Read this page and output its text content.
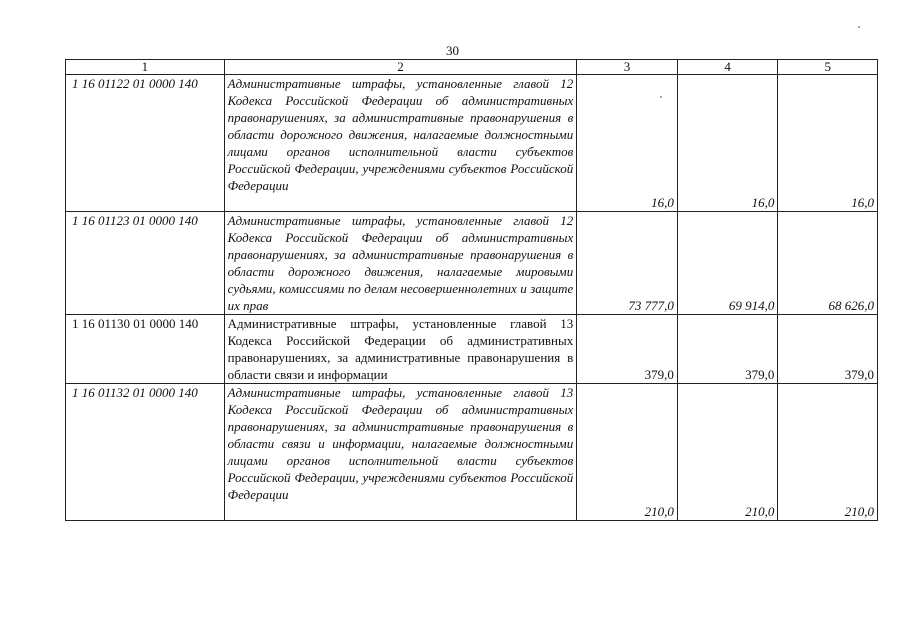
30
1	2	3	4	5
1 16 01122 01 0000 140	Административные штрафы, установленные главой 12 Кодекса Российской Федерации об административных правонарушениях, за административные правонарушения в области дорожного движения, налагаемые должностными лицами органов исполнительной власти субъектов Российской Федерации, учреждениями субъектов Российской Федерации	16,0	16,0	16,0
1 16 01123 01 0000 140	Административные штрафы, установленные главой 12 Кодекса Российской Федерации об административных правонарушениях, за административные правонарушения в области дорожного движения, налагаемые мировыми судьями, комиссиями по делам несовершеннолетних и защите их прав	73 777,0	69 914,0	68 626,0
1 16 01130 01 0000 140	Административные штрафы, установленные главой 13 Кодекса Российской Федерации об административных правонарушениях, за административные правонарушения в области связи и информации	379,0	379,0	379,0
1 16 01132 01 0000 140	Административные штрафы, установленные главой 13 Кодекса Российской Федерации об административных правонарушениях, за административные правонарушения в области связи и информации, налагаемые должностными лицами органов исполнительной власти субъектов Российской Федерации, учреждениями субъектов Российской Федерации	210,0	210,0	210,0
